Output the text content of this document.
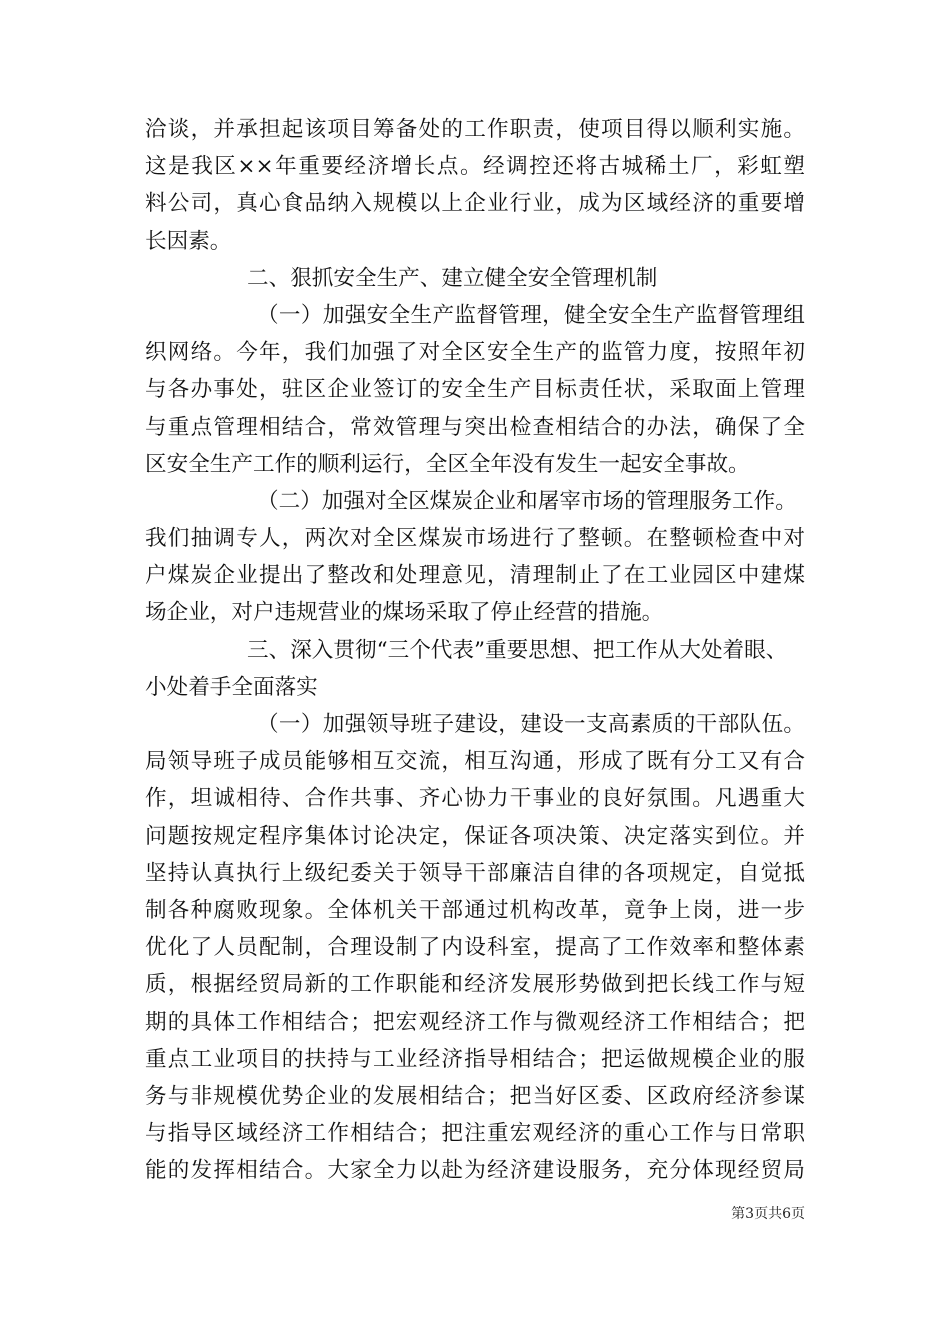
洽谈，并承担起该项目筹备处的工作职责，使项目得以顺利实施。
这是我区××年重要经济增长点。经调控还将古城稀土厂，彩虹塑
料公司，真心食品纳入规模以上企业行业，成为区域经济的重要增
长因素。
二、狠抓安全生产、建立健全安全管理机制
（一）加强安全生产监督管理，健全安全生产监督管理组
织网络。今年，我们加强了对全区安全生产的监管力度，按照年初
与各办事处，驻区企业签订的安全生产目标责任状，采取面上管理
与重点管理相结合，常效管理与突出检查相结合的办法，确保了全
区安全生产工作的顺利运行，全区全年没有发生一起安全事故。
（二）加强对全区煤炭企业和屠宰市场的管理服务工作。
我们抽调专人，两次对全区煤炭市场进行了整顿。在整顿检查中对
户煤炭企业提出了整改和处理意见，清理制止了在工业园区中建煤
场企业，对户违规营业的煤场采取了停止经营的措施。
三、深入贯彻“三个代表”重要思想、把工作从大处着眼、
小处着手全面落实
（一）加强领导班子建设，建设一支高素质的干部队伍。
局领导班子成员能够相互交流，相互沟通，形成了既有分工又有合
作，坦诚相待、合作共事、齐心协力干事业的良好氛围。凡遇重大
问题按规定程序集体讨论决定，保证各项决策、决定落实到位。并
坚持认真执行上级纪委关于领导干部廉洁自律的各项规定，自觉抵
制各种腐败现象。全体机关干部通过机构改革，竟争上岗，进一步
优化了人员配制，合理设制了内设科室，提高了工作效率和整体素
质，根据经贸局新的工作职能和经济发展形势做到把长线工作与短
期的具体工作相结合；把宏观经济工作与微观经济工作相结合；把
重点工业项目的扶持与工业经济指导相结合；把运做规模企业的服
务与非规模优势企业的发展相结合；把当好区委、区政府经济参谋
与指导区域经济工作相结合；把注重宏观经济的重心工作与日常职
能的发挥相结合。大家全力以赴为经济建设服务，充分体现经贸局
第3页共6页
